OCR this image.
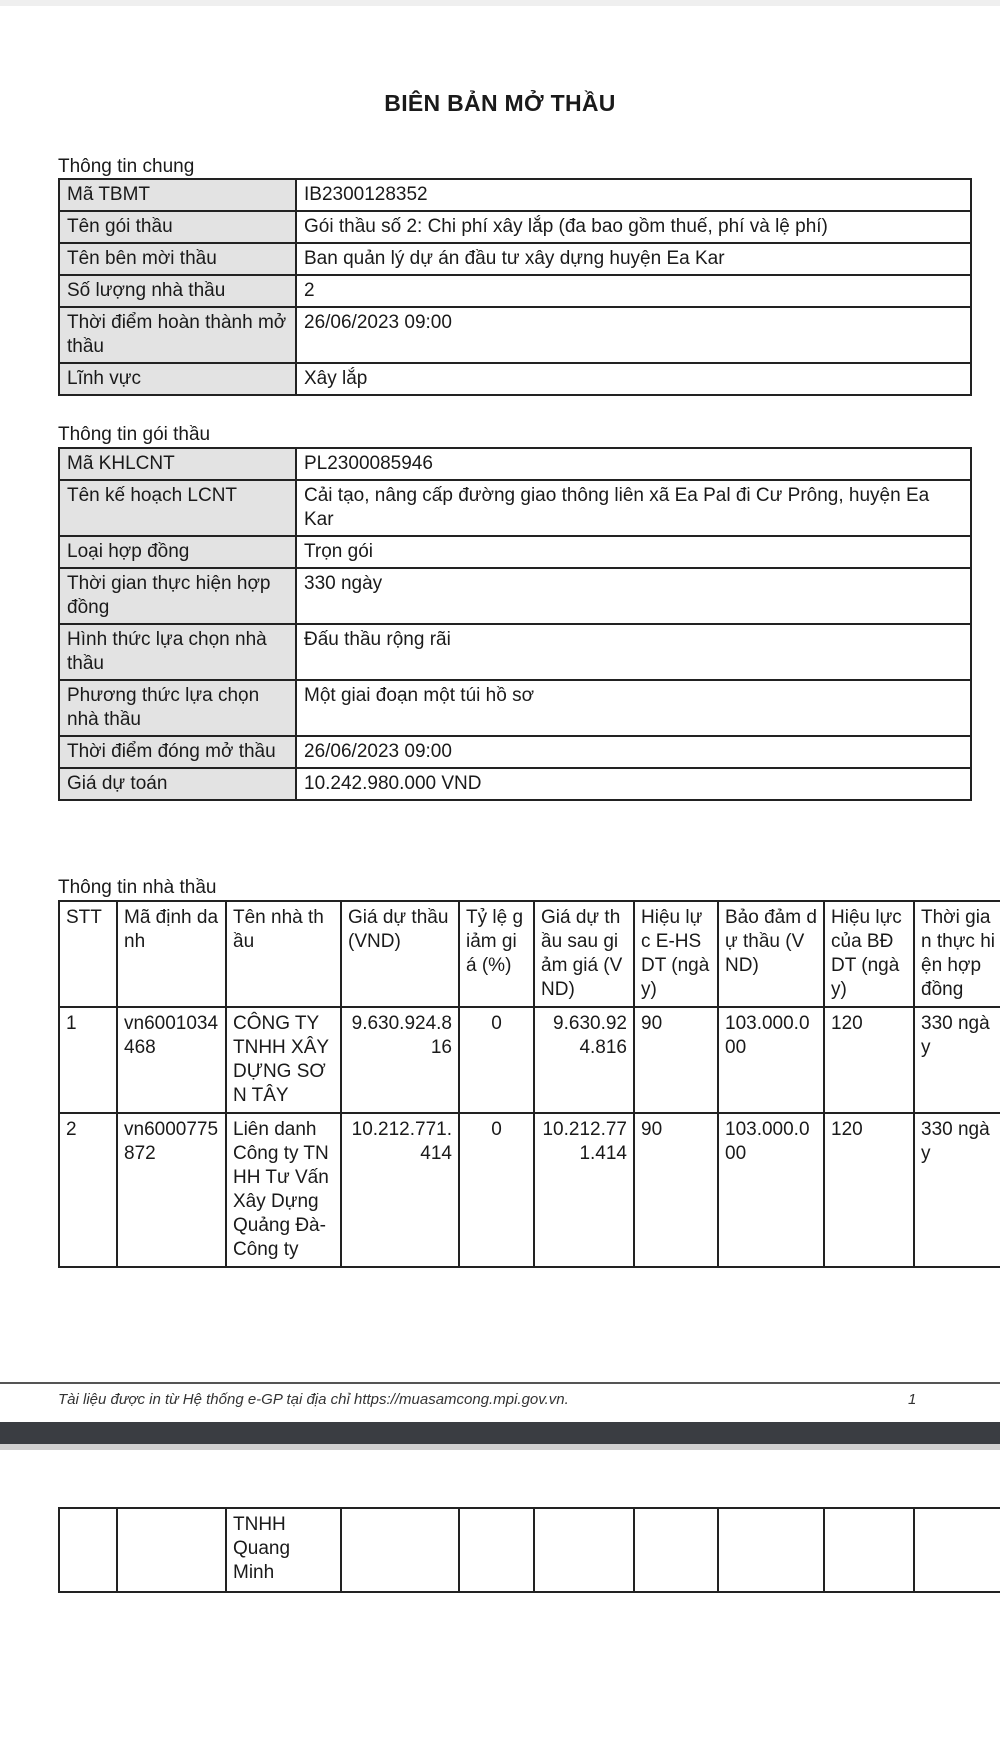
BIÊN BẢN MỞ THẦU
Thông tin chung
Mã TBMT	IB2300128352
Tên gói thầu	Gói thầu số 2: Chi phí xây lắp (đa bao gồm thuế, phí và lệ phí)
Tên bên mời thầu	Ban quản lý dự án đầu tư xây dựng huyện Ea Kar
Số lượng nhà thầu	2
Thời điểm hoàn thành mở thầu	26/06/2023 09:00
Lĩnh vực	Xây lắp
Thông tin gói thầu
Mã KHLCNT	PL2300085946
Tên kế hoạch LCNT	Cải tạo, nâng cấp đường giao thông liên xã Ea Pal đi Cư Prông, huyện Ea Kar
Loại hợp đồng	Trọn gói
Thời gian thực hiện hợp đồng	330 ngày
Hình thức lựa chọn nhà thầu	Đấu thầu rộng rãi
Phương thức lựa chọn nhà thầu	Một giai đoạn một túi hồ sơ
Thời điểm đóng mở thầu	26/06/2023 09:00
Giá dự toán	10.242.980.000 VND
Thông tin nhà thầu
STT	Mã định danh	Tên nhà thầu	Giá dự thầu (VND)	Tỷ lệ giảm giá (%)	Giá dự thầu sau giảm giá (VND)	Hiệu lực E-HSDT (ngày)	Bảo đảm dự thầu (VND)	Hiệu lực của BĐ DT (ngày)	Thời gian thực hiện hợp đồng
1	vn6001034468	CÔNG TY TNHH XÂY DỰNG SƠN TÂY	9.630.924.816	0	9.630.924.816	90	103.000.000	120	330 ngày
2	vn6000775872	Liên danh Công ty TNHH Tư Vấn Xây Dựng Quảng Đà-Công ty	10.212.771.414	0	10.212.771.414	90	103.000.000	120	330 ngày
Tài liệu được in từ Hệ thống e-GP tại địa chỉ https://muasamcong.mpi.gov.vn.	1
		TNHH Quang Minh							
